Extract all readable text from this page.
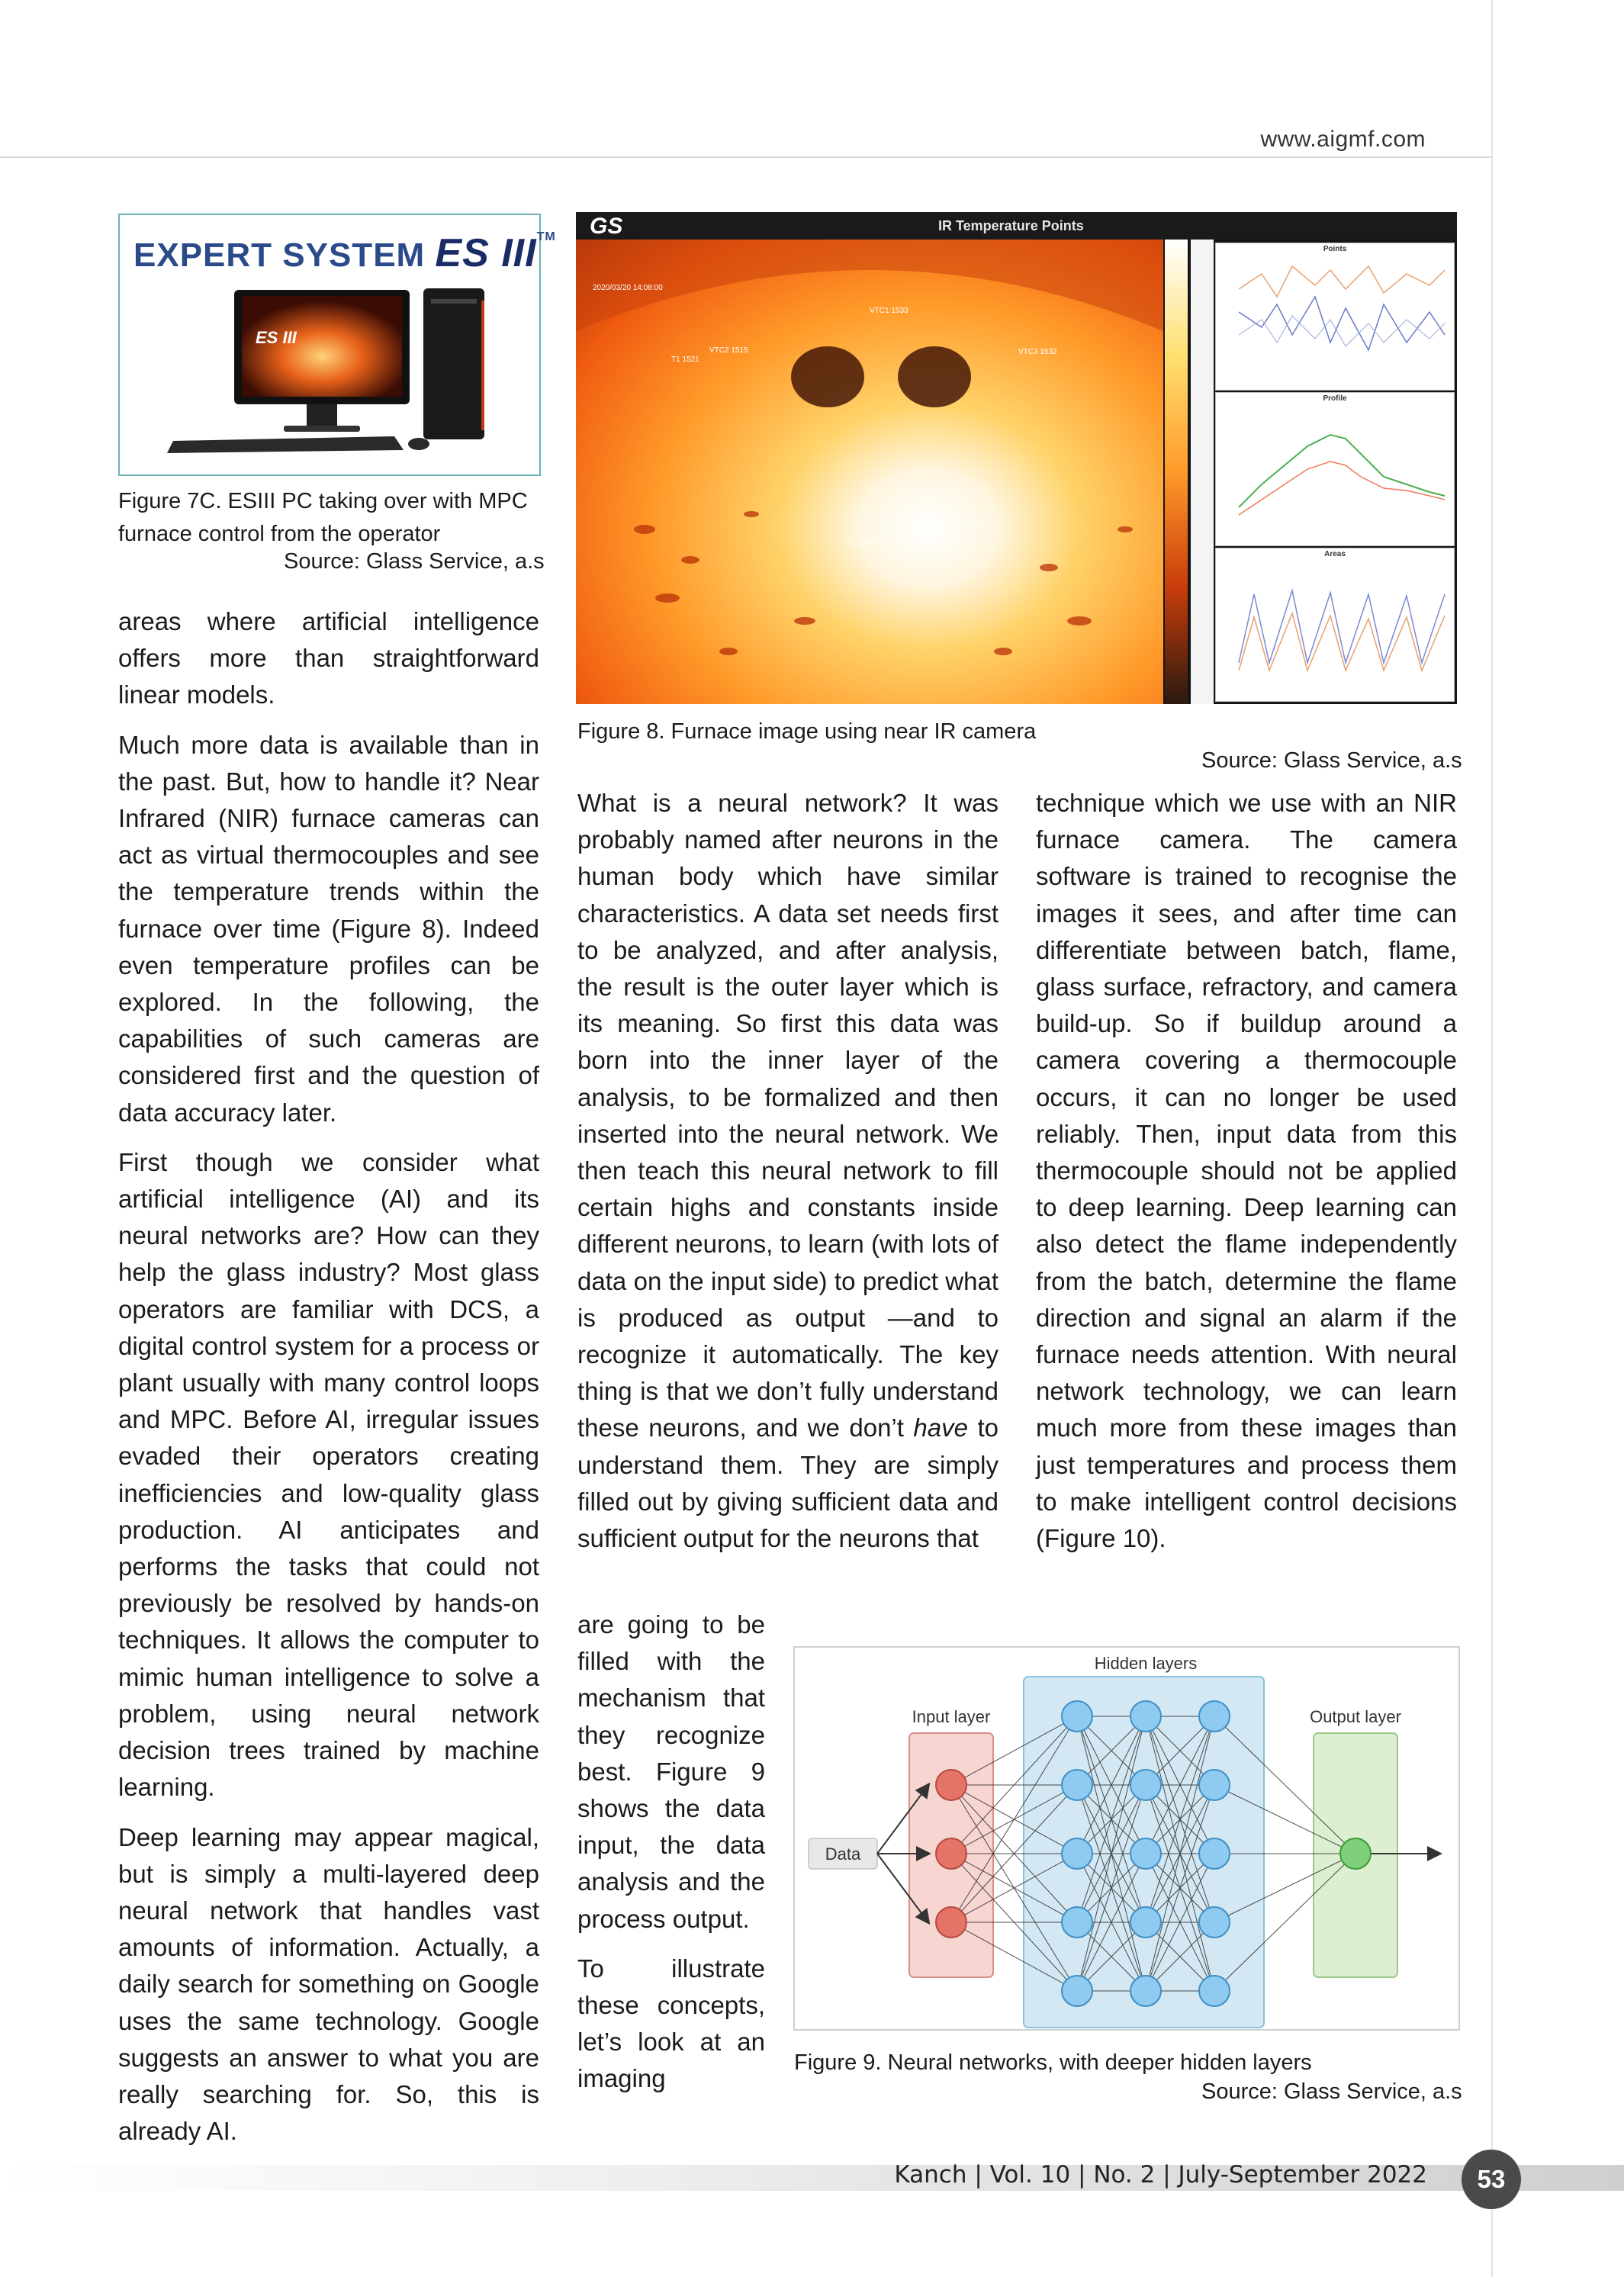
www.aigmf.com
EXPERT SYSTEM ES III™
ES III
Figure 7C. ESIII PC taking over with MPC
furnace control from the operator
Source: Glass Service, a.s
GS	IR Temperature Points
2020/03/20 14:08:00
VTC1 1533
VTC2 1515
T1 1521
VTC3 1532
T1 1555
Points
Profile
Areas
Figure 8. Furnace image using near IR camera
Source: Glass Service, a.s

areas where artificial intelligence offers more than straightforward linear models.

Much more data is available than in the past. But, how to handle it? Near Infrared (NIR) furnace cameras can act as virtual thermocouples and see the temperature trends within the furnace over time (Figure 8). Indeed even temperature profiles can be explored. In the following, the capabilities of such cameras are considered first and the question of data accuracy later.

First though we consider what artificial intelligence (AI) and its neural networks are? How can they help the glass industry? Most glass operators are familiar with DCS, a digital control system for a process or plant usually with many control loops and MPC. Before AI, irregular issues evaded their operators creating inefficiencies and low-quality glass production. AI anticipates and performs the tasks that could not previously be resolved by hands-on techniques. It allows the computer to mimic human intelligence to solve a problem, using neural network decision trees trained by machine learning.

Deep learning may appear magical, but is simply a multi-layered deep neural network that handles vast amounts of information. Actually, a daily search for something on Google uses the same technology. Google suggests an answer to what you are really searching for. So, this is already AI.

What is a neural network? It was probably named after neurons in the human body which have similar characteristics. A data set needs first to be analyzed, and after analysis, the result is the outer layer which is its meaning. So first this data was born into the inner layer of the analysis, to be formalized and then inserted into the neural network. We then teach this neural network to fill certain highs and constants inside different neurons, to learn (with lots of data on the input side) to predict what is produced as output —and to recognize it automatically. The key thing is that we don’t fully understand these neurons, and we don’t have to understand them. They are simply filled out by giving sufficient data and sufficient output for the neurons that

are going to be filled with the mechanism that they recognize best. Figure 9 shows the data input, the data analysis and the process output.

To illustrate these concepts, let’s look at an imaging

technique which we use with an NIR furnace camera. The camera software is trained to recognise the images it sees, and after time can differentiate between batch, flame, glass surface, refractory, and camera build-up. So if buildup around a camera covering a thermocouple occurs, it can no longer be used reliably. Then, input data from this thermocouple should not be applied to deep learning. Deep learning can also detect the flame independently from the batch, determine the flame direction and signal an alarm if the furnace needs attention. With neural network technology, we can learn much more from these images than just temperatures and process them to make intelligent control decisions (Figure 10).

Hidden layers
Input layer	Output layer
Data
Figure 9. Neural networks, with deeper hidden layers
Source: Glass Service, a.s
Kanch | Vol. 10 | No. 2 | July-September 2022	53
